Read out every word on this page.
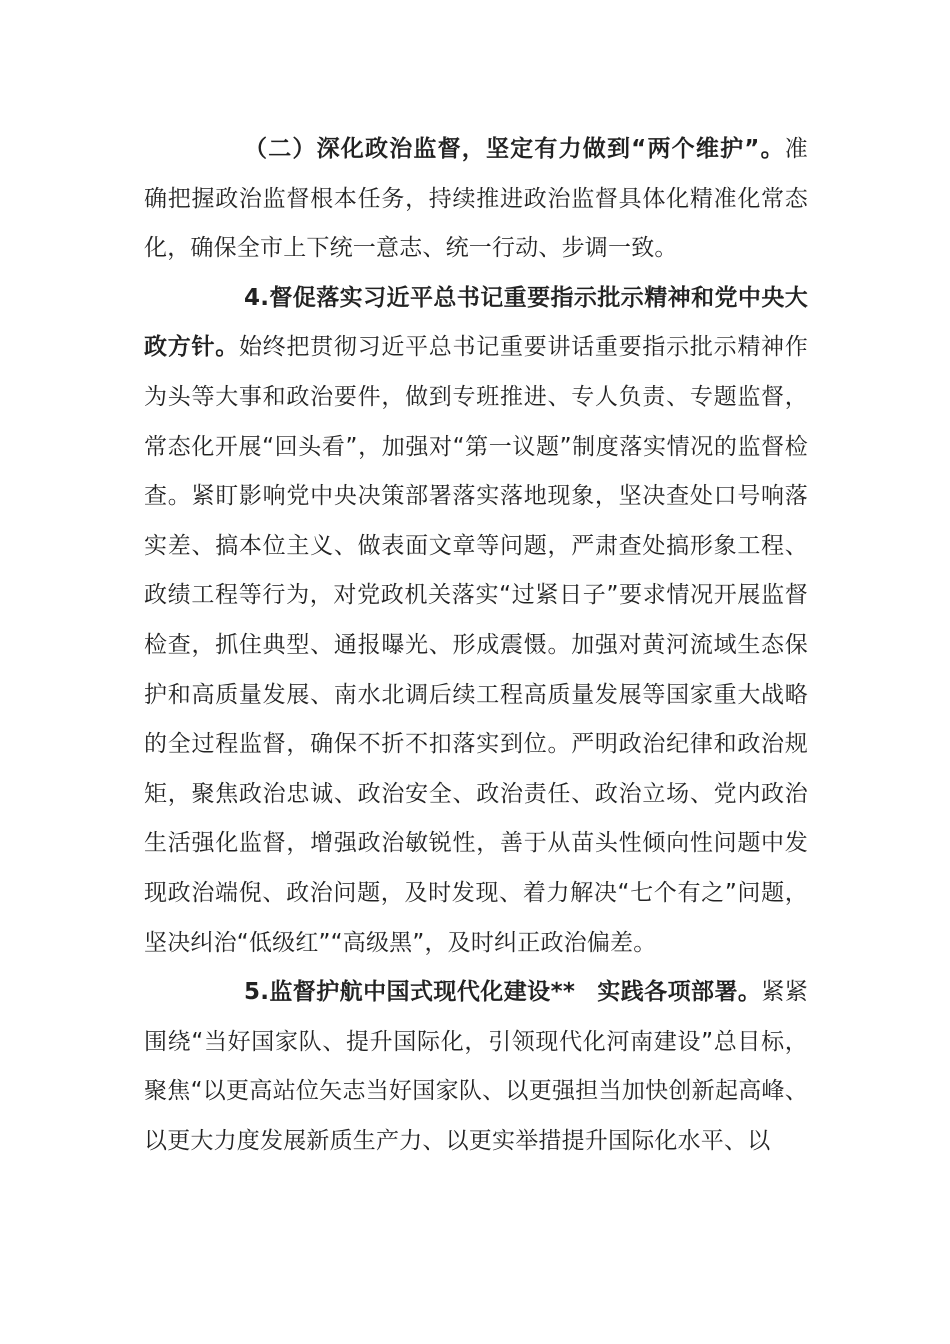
（二）深化政治监督，坚定有力做到“两个维护”。准确把握政治监督根本任务，持续推进政治监督具体化精准化常态化，确保全市上下统一意志、统一行动、步调一致。

4.督促落实习近平总书记重要指示批示精神和党中央大政方针。始终把贯彻习近平总书记重要讲话重要指示批示精神作为头等大事和政治要件，做到专班推进、专人负责、专题监督，常态化开展“回头看”，加强对“第一议题”制度落实情况的监督检查。紧盯影响党中央决策部署落实落地现象，坚决查处口号响落实差、搞本位主义、做表面文章等问题，严肃查处搞形象工程、政绩工程等行为，对党政机关落实“过紧日子”要求情况开展监督检查，抓住典型、通报曝光、形成震慑。加强对黄河流域生态保护和高质量发展、南水北调后续工程高质量发展等国家重大战略的全过程监督，确保不折不扣落实到位。严明政治纪律和政治规矩，聚焦政治忠诚、政治安全、政治责任、政治立场、党内政治生活强化监督，增强政治敏锐性，善于从苗头性倾向性问题中发现政治端倪、政治问题，及时发现、着力解决“七个有之”问题，坚决纠治“低级红”“高级黑”，及时纠正政治偏差。

5.监督护航中国式现代化建设** 实践各项部署。紧紧围绕“当好国家队、提升国际化，引领现代化河南建设”总目标，聚焦“以更高站位矢志当好国家队、以更强担当加快创新起高峰、以更大力度发展新质生产力、以更实举措提升国际化水平、以
